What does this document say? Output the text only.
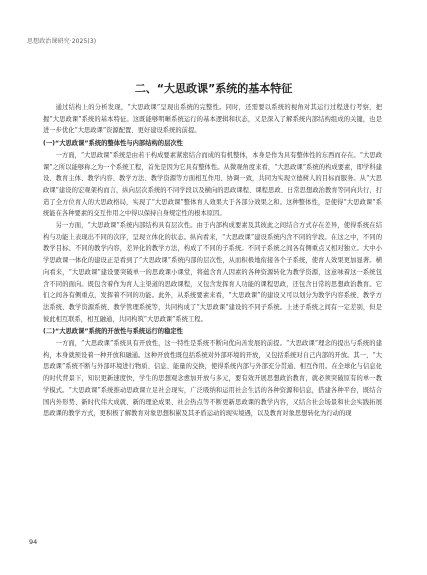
思想政治课研究·2025(3)
二、“大思政课”系统的基本特征

通过结构上的分析发现，“大思政课”呈现出系统的完整性。同时，还需要以系统的视角对其运行过程进行考察，把握“大思政课”系统的基本特征。这既能够明晰系统运行的基本逻辑和状态，又是深入了解系统内部结构组成的关键，也是进一步优化“大思政课”资源配置、更好建设系统的前提。

(一)“大思政课”系统的整体性与内部结构的层次性

一方面，“大思政课”系统是由若干构成要素紧密结合而成的有机整体，本身是作为具有整体性的东西而存在。“大思政课”之所以能够称之为一个系统工程，首先是因为它具有整体性。从微观角度来看，“大思政课”系统的构成要素，即学科建设、教育主体、教学内容、教学方法、教学资源等方面相互作用、协调一致，共同为实现立德树人的目标而服务。从“大思政课”建设的宏观架构而言，纵向层次系统的不同学段以及横向的思政课程、课程思政、日常思想政治教育等同向共行，打造了全方位育人的大思政格局，实现了“大思政课”整体育人效果大于各部分效果之和。这种整体性，是使得“大思政课”系统能在各种要素的交互作用之中得以保持自身规定性的根本原因。

另一方面，“大思政课”系统内部结构具有层次性。由于内部构成要素及其彼此之间结合方式存在差异，使得系统在结构与功能上表现出不同的次序，呈现立体化的状态。纵向看来，“大思政课”建设系统内含不同的学段。在这之中，不同的教学目标、不同的教学内容，差异化的教学方法，构成了不同的子系统。不同子系统之间各有侧重点又相对独立。大中小学思政课一体化的建设正是看到了“大思政课”系统内部的层次性，从而积极地衔接各个子系统，使育人效果更加显著。横向看来，“大思政课”建设要突破单一的思政课小课堂，将蕴含育人因素的各种资源转化为教学资源，这意味着这一系统包含不同的面向。既包含着作为育人主渠道的思政课程，又包含发挥育人功能的课程思政，还包含日常的思想政治教育。它们之间各有侧重点，发挥着不同的功能。此外，从系统要素来看，“大思政课”的建设又可以划分为教学内容系统、教学方法系统、教学资源系统、教学管理系统等，共同构成了“大思政课”建设的不同子系统。上述子系统之间有一定差别，但是彼此相互联系，相互融通，共同构筑“大思政课”系统工程。

(二)“大思政课”系统的开放性与系统运行的稳定性

一方面，“大思政课”系统具有开放性，这一特性是系统不断向优向善发展的前提。“大思政课”理念的提出与系统的建构，本身就预设着一种开放和融通。这种开放性既包括系统对外部环境的开放，又包括系统对自己内部的开放。其一，“大思政课”系统不断与外部环境进行物质、信息、能量的交换，使得系统内部与外部充分贯通、相互作用。在全球化与信息化的时代背景下，知识更新速度快，学生的思想观念愈加开放与多元，要有效开展思想政治教育，就必须突破原有的单一教学模式。“大思政课”系统推动思政课立足社会现实，广泛吸纳和运用社会生活的各种资源和信息，搭建各种平台，既结合国内外形势、新时代伟大成就、新的理论成果、社会热点等不断更新思政课的教学内容，又结合社会场景和社会实践拓展思政课的教学方式，更积极了解教育对象思想积累及其矛盾运动的现实境遇，以及教育对象思想转化为行动的现

94
